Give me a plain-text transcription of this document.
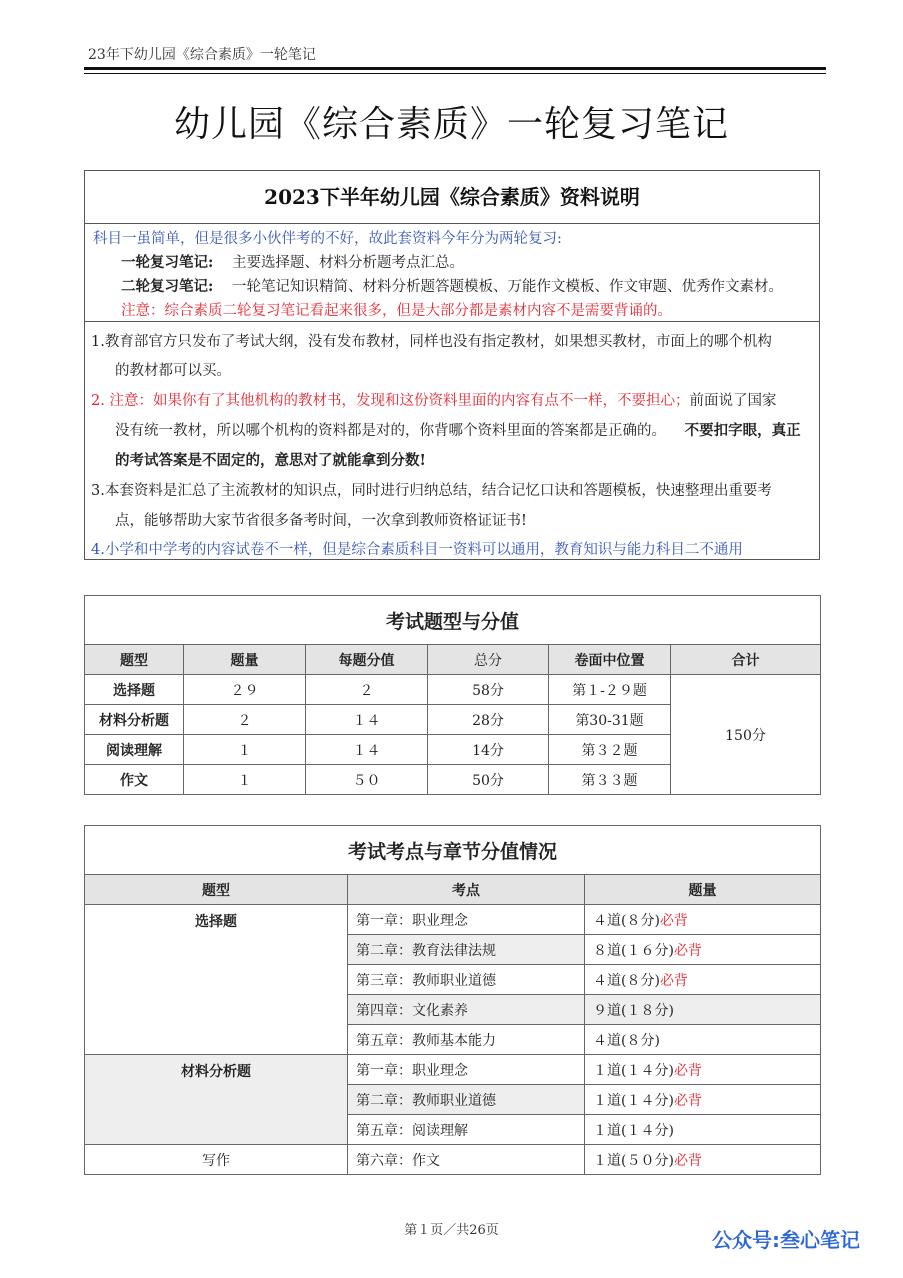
23年下幼儿园《综合素质》一轮笔记
幼儿园《综合素质》一轮复习笔记
2023下半年幼儿园《综合素质》资料说明
科目一虽简单，但是很多小伙伴考的不好，故此套资料今年分为两轮复习:
一轮复习笔记: 主要选择题、材料分析题考点汇总。
二轮复习笔记: 一轮笔记知识精简、材料分析题答题模板、万能作文模板、作文审题、优秀作文素材。
注意：综合素质二轮复习笔记看起来很多，但是大部分都是素材内容不是需要背诵的。
1.教育部官方只发布了考试大纲，没有发布教材，同样也没有指定教材，如果想买教材，市面上的哪个机构
的教材都可以买。
2. 注意：如果你有了其他机构的教材书，发现和这份资料里面的内容有点不一样，不要担心；前面说了国家
没有统一教材，所以哪个机构的资料都是对的，你背哪个资料里面的答案都是正确的。 不要扣字眼，真正
的考试答案是不固定的，意思对了就能拿到分数!
3.本套资料是汇总了主流教材的知识点，同时进行归纳总结，结合记忆口诀和答题模板，快速整理出重要考
点，能够帮助大家节省很多备考时间，一次拿到教师资格证证书!
4.小学和中学考的内容试卷不一样，但是综合素质科目一资料可以通用，教育知识与能力科目二不通用
考试题型与分值					
题型	题量	每题分值	总分	卷面中位置	合计
选择题	２９	２	58分	第１-２９题	150分
材料分析题	２	１４	28分	第30-31题	
阅读理解	１	１４	14分	第３２题	
作文	１	５０	50分	第３３题	
考试考点与章节分值情况		
题型	考点	题量
选择题	第一章：职业理念	４道(８分)必背
	第二章：教育法律法规	８道(１６分)必背
	第三章：教师职业道德	４道(８分)必背
	第四章：文化素养	９道(１８分)
	第五章：教师基本能力	４道(８分)
材料分析题	第一章：职业理念	１道(１４分)必背
	第二章：教师职业道德	１道(１４分)必背
	第五章：阅读理解	１道(１４分)
写作	第六章：作文	１道(５０分)必背
第１页／共26页	公众号:叁心笔记
